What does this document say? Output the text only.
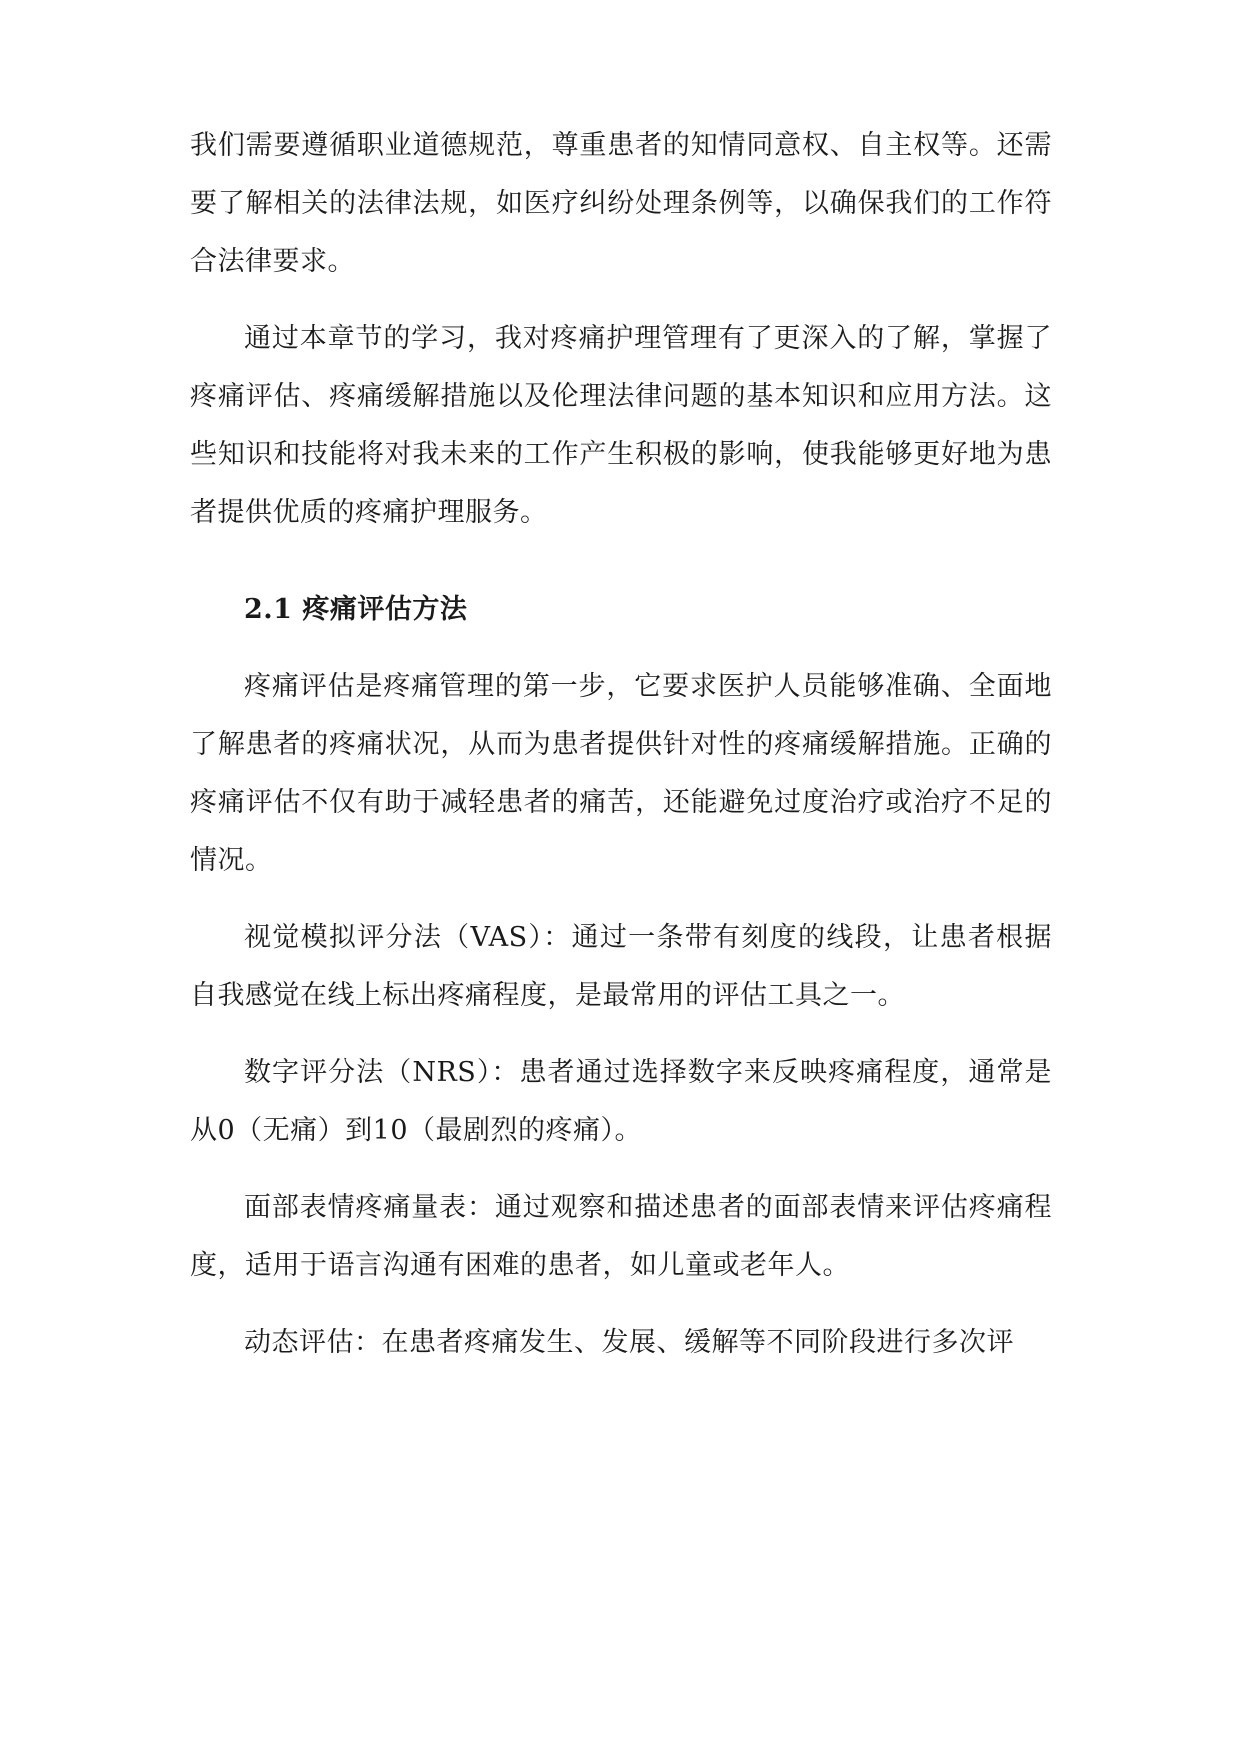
我们需要遵循职业道德规范，尊重患者的知情同意权、自主权等。还需要了解相关的法律法规，如医疗纠纷处理条例等，以确保我们的工作符合法律要求。

通过本章节的学习，我对疼痛护理管理有了更深入的了解，掌握了疼痛评估、疼痛缓解措施以及伦理法律问题的基本知识和应用方法。这些知识和技能将对我未来的工作产生积极的影响，使我能够更好地为患者提供优质的疼痛护理服务。

2.1 疼痛评估方法

疼痛评估是疼痛管理的第一步，它要求医护人员能够准确、全面地了解患者的疼痛状况，从而为患者提供针对性的疼痛缓解措施。正确的疼痛评估不仅有助于减轻患者的痛苦，还能避免过度治疗或治疗不足的情况。

视觉模拟评分法（VAS）：通过一条带有刻度的线段，让患者根据自我感觉在线上标出疼痛程度，是最常用的评估工具之一。

数字评分法（NRS）：患者通过选择数字来反映疼痛程度，通常是从0（无痛）到10（最剧烈的疼痛）。

面部表情疼痛量表：通过观察和描述患者的面部表情来评估疼痛程度，适用于语言沟通有困难的患者，如儿童或老年人。

动态评估：在患者疼痛发生、发展、缓解等不同阶段进行多次评
